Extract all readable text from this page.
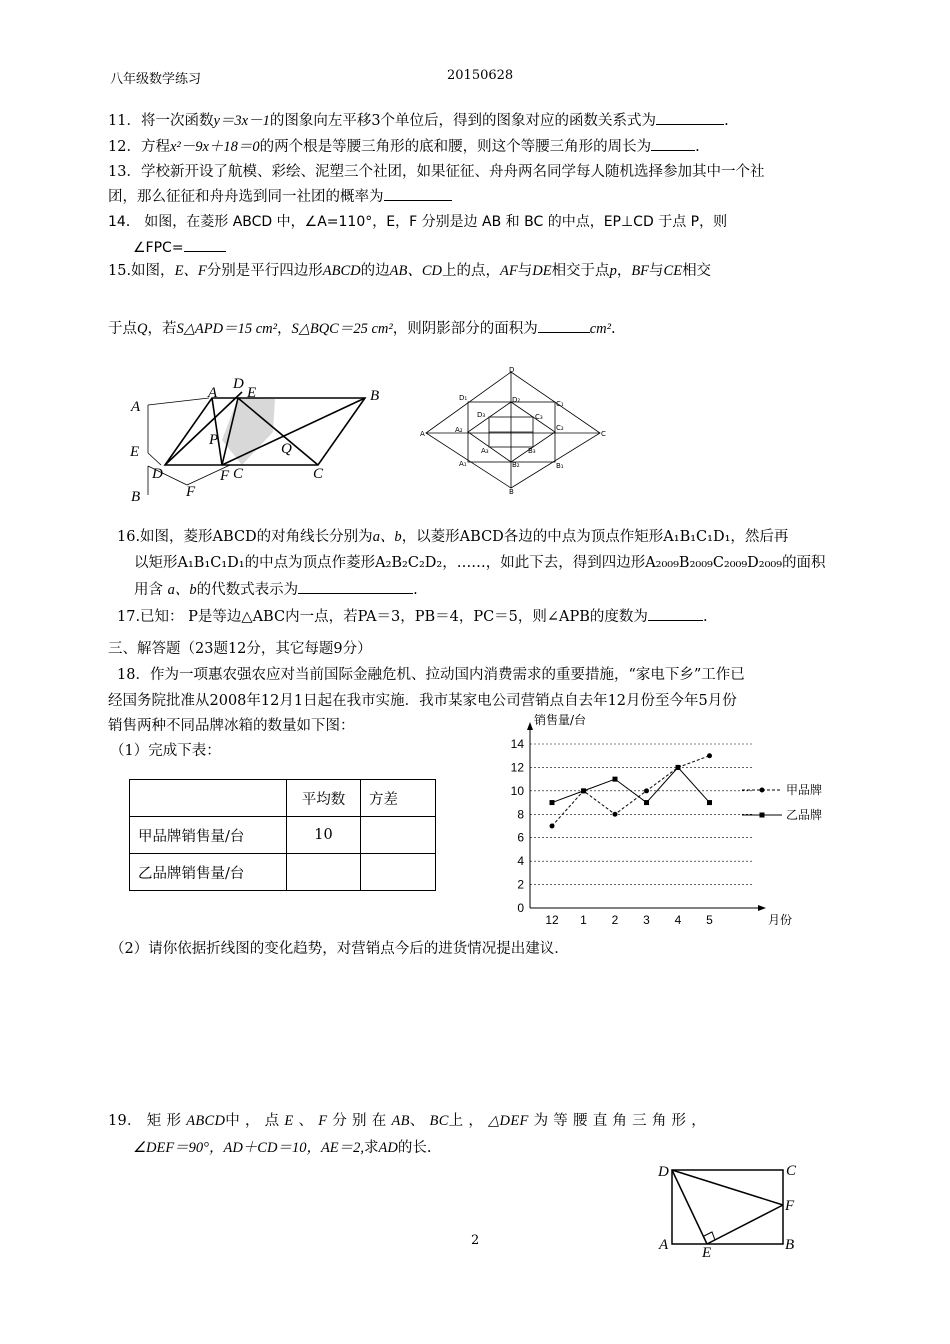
八年级数学练习	20150628
11．将一次函数y＝3x－1的图象向左平移3个单位后，得到的图象对应的函数关系式为	.
12．方程x²－9x＋18＝0的两个根是等腰三角形的底和腰，则这个等腰三角形的周长为	.
13．学校新开设了航模、彩绘、泥塑三个社团，如果征征、舟舟两名同学每人随机选择参加其中一个社
团，那么征征和舟舟选到同一社团的概率为
14． 如图，在菱形 ABCD 中，∠A=110°，E，F 分别是边 AB 和 BC 的中点，EP⊥CD 于点 P，则
∠FPC=
15.如图，E、F分别是平行四边形ABCD的边AB、CD上的点，AF与DE相交于点p，BF与CE相交
于点Q，若S△APD＝15 cm²，S△BQC＝25 cm²，则阴影部分的面积为	cm².
A
D
E	B
A
E
P
Q
D	F C	C
B	F
D
A	C
B
D₁
C₁
A₁	B₁
D₂
A₂
B₂
C₂
D₃	C₃
A₃	B₃
16.如图，菱形ABCD的对角线长分别为a、b，以菱形ABCD各边的中点为顶点作矩形A₁B₁C₁D₁，然后再
以矩形A₁B₁C₁D₁的中点为顶点作菱形A₂B₂C₂D₂，……，如此下去，得到四边形A₂₀₀₉B₂₀₀₉C₂₀₀₉D₂₀₀₉的面积
用含 a、b的代数式表示为	.
17.已知： P是等边△ABC内一点，若PA＝3，PB＝4，PC＝5，则∠APB的度数为	.
三、解答题（23题12分，其它每题9分）
18．作为一项惠农强农应对当前国际金融危机、拉动国内消费需求的重要措施，“家电下乡”工作已
经国务院批准从2008年12月1日起在我市实施．我市某家电公司营销点自去年12月份至今年5月份
销售两种不同品牌冰箱的数量如下图：
（1）完成下表：
	平均数	方差
甲品牌销售量/台	10	
乙品牌销售量/台		
0
2
4
6
8
10
12
14
12 1 2 3 4 5
销售量/台
月份
甲品牌
乙品牌
（2）请你依据折线图的变化趋势，对营销点今后的进货情况提出建议．
19． 矩 形 ABCD中 ， 点 E 、 F 分 别 在 AB、 BC上 ， △DEF 为 等 腰 直 角 三 角 形 ，
∠DEF＝90°，AD＋CD＝10，AE＝2,求AD的长.
D	C
F
A E	B
2
